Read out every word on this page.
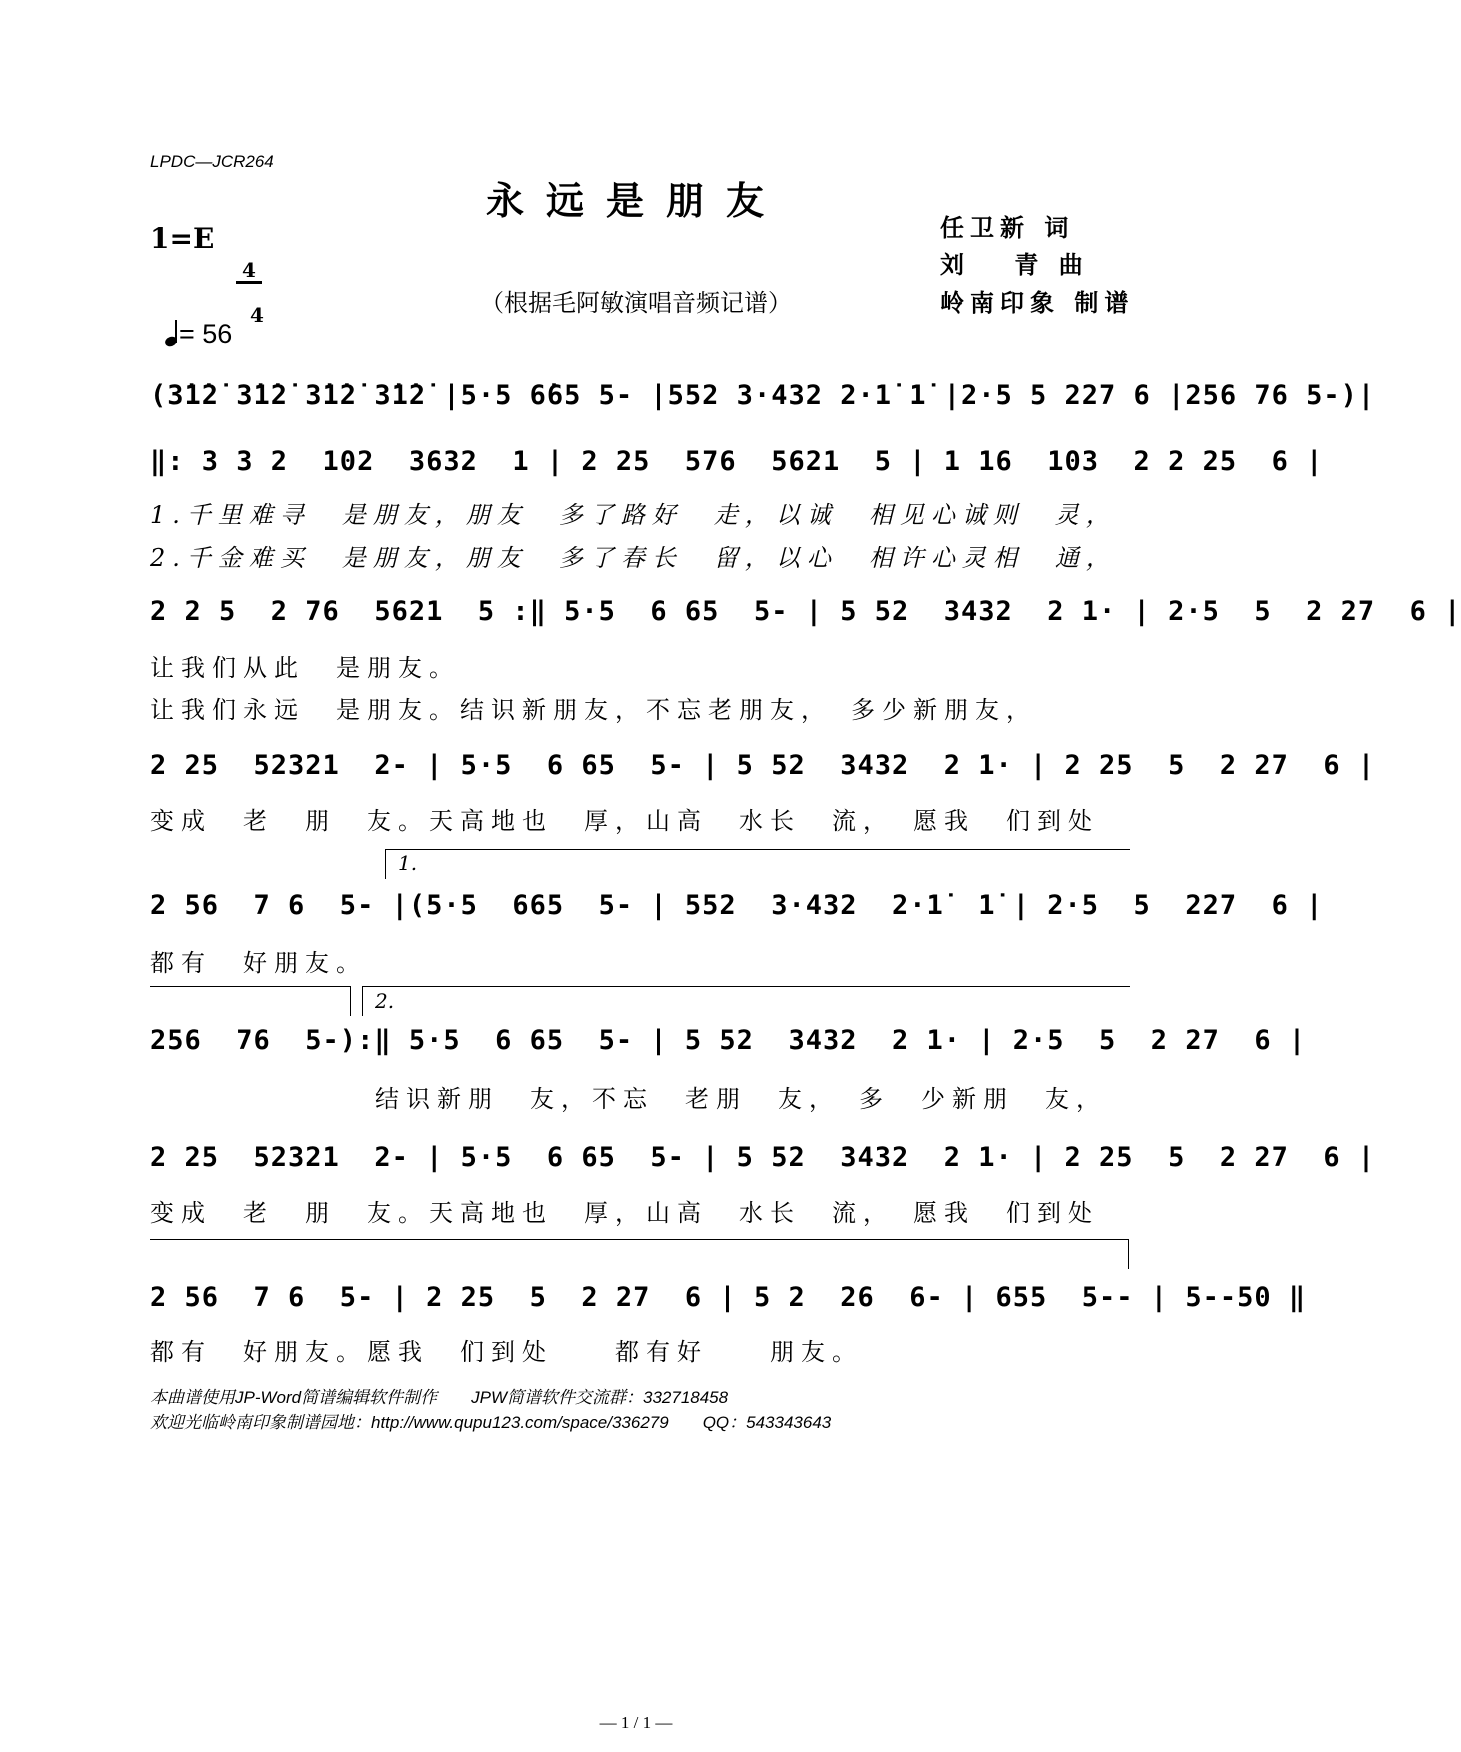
LPDC—JCR264
永远是朋友
1=E

4

4

= 56

（根据毛阿敏演唱音频记谱）
任卫新 词
刘　 青 曲
岭南印象 制谱
(3̇1̇2̇ 3̇1̇2̇ 3̇1̇2̇ 3̇1̇2̇ |5·5 6̇65 5- |552 3·432 2·1̇ 1̇ |2·5 5 227 6 |256 76 5-)|
‖: 3 3 2  102  3632  1 | 2 25  576  5621  5 | 1 16  103  2 2 25  6 |
1.千里难寻　是朋友，朋友　多了路好　走，以诚　相见心诚则　灵，
2.千金难买　是朋友，朋友　多了春长　留，以心　相许心灵相　通，
2 2 5  2 76  5621  5 :‖ 5·5  6 65  5- | 5 52  3432  2 1· | 2·5  5  2 27  6 |
让我们从此　是朋友。
让我们永远　是朋友。结识新朋友，不忘老朋友，　多少新朋友，
2 25  52321  2- | 5·5  6 65  5- | 5 52  3432  2 1· | 2 25  5  2 27  6 |
变成　老　朋　友。天高地也　厚，山高　水长　流，　愿我　们到处
1.
2 56  7 6  5- |(5·5  665  5- | 552  3·432  2·1̇  1̇ | 2·5  5  227  6 |
都有　好朋友。
2.
256  76  5-):‖ 5·5  6 65  5- | 5 52  3432  2 1· | 2·5  5  2 27  6 |
结识新朋　友，不忘　老朋　友，　多　少新朋　友，
2 25  52321  2- | 5·5  6 65  5- | 5 52  3432  2 1· | 2 25  5  2 27  6 |
变成　老　朋　友。天高地也　厚，山高　水长　流，　愿我　们到处
2 56  7 6  5- | 2 25  5  2 27  6 | 5 2  26  6- | 655  5-- | 5--50 ‖
都有　好朋友。愿我　们到处　　都有好　　朋友。
本曲谱使用JP-Word简谱编辑软件制作　　JPW简谱软件交流群：332718458
欢迎光临岭南印象制谱园地：http://www.qupu123.com/space/336279　　QQ：543343643
— 1 / 1 —
